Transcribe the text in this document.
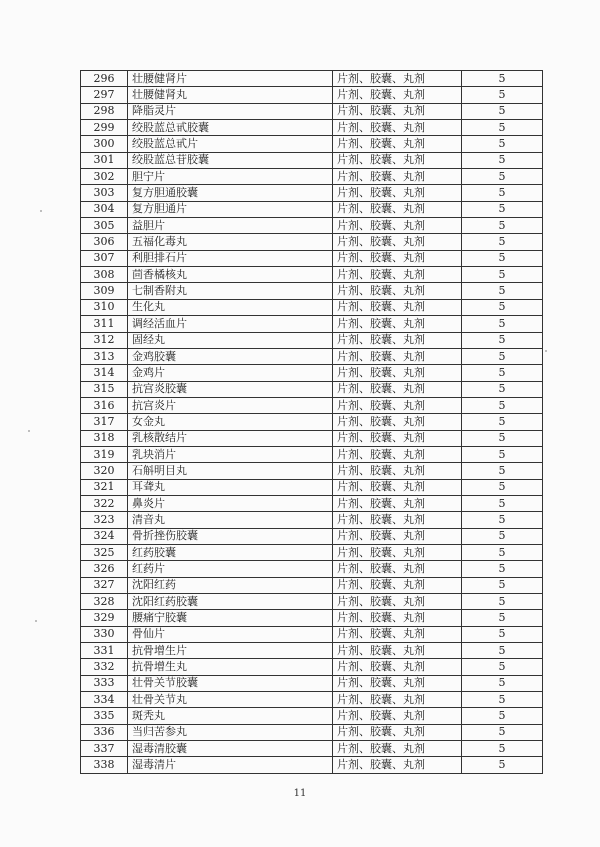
296	壮腰健肾片	片剂、胶囊、丸剂	5
297	壮腰健肾丸	片剂、胶囊、丸剂	5
298	降脂灵片	片剂、胶囊、丸剂	5
299	绞股蓝总甙胶囊	片剂、胶囊、丸剂	5
300	绞股蓝总甙片	片剂、胶囊、丸剂	5
301	绞股蓝总苷胶囊	片剂、胶囊、丸剂	5
302	胆宁片	片剂、胶囊、丸剂	5
303	复方胆通胶囊	片剂、胶囊、丸剂	5
304	复方胆通片	片剂、胶囊、丸剂	5
305	益胆片	片剂、胶囊、丸剂	5
306	五福化毒丸	片剂、胶囊、丸剂	5
307	利胆排石片	片剂、胶囊、丸剂	5
308	茴香橘核丸	片剂、胶囊、丸剂	5
309	七制香附丸	片剂、胶囊、丸剂	5
310	生化丸	片剂、胶囊、丸剂	5
311	调经活血片	片剂、胶囊、丸剂	5
312	固经丸	片剂、胶囊、丸剂	5
313	金鸡胶囊	片剂、胶囊、丸剂	5
314	金鸡片	片剂、胶囊、丸剂	5
315	抗宫炎胶囊	片剂、胶囊、丸剂	5
316	抗宫炎片	片剂、胶囊、丸剂	5
317	女金丸	片剂、胶囊、丸剂	5
318	乳核散结片	片剂、胶囊、丸剂	5
319	乳块消片	片剂、胶囊、丸剂	5
320	石斛明目丸	片剂、胶囊、丸剂	5
321	耳聋丸	片剂、胶囊、丸剂	5
322	鼻炎片	片剂、胶囊、丸剂	5
323	清音丸	片剂、胶囊、丸剂	5
324	骨折挫伤胶囊	片剂、胶囊、丸剂	5
325	红药胶囊	片剂、胶囊、丸剂	5
326	红药片	片剂、胶囊、丸剂	5
327	沈阳红药	片剂、胶囊、丸剂	5
328	沈阳红药胶囊	片剂、胶囊、丸剂	5
329	腰痛宁胶囊	片剂、胶囊、丸剂	5
330	骨仙片	片剂、胶囊、丸剂	5
331	抗骨增生片	片剂、胶囊、丸剂	5
332	抗骨增生丸	片剂、胶囊、丸剂	5
333	壮骨关节胶囊	片剂、胶囊、丸剂	5
334	壮骨关节丸	片剂、胶囊、丸剂	5
335	斑秃丸	片剂、胶囊、丸剂	5
336	当归苦参丸	片剂、胶囊、丸剂	5
337	湿毒清胶囊	片剂、胶囊、丸剂	5
338	湿毒清片	片剂、胶囊、丸剂	5
11
